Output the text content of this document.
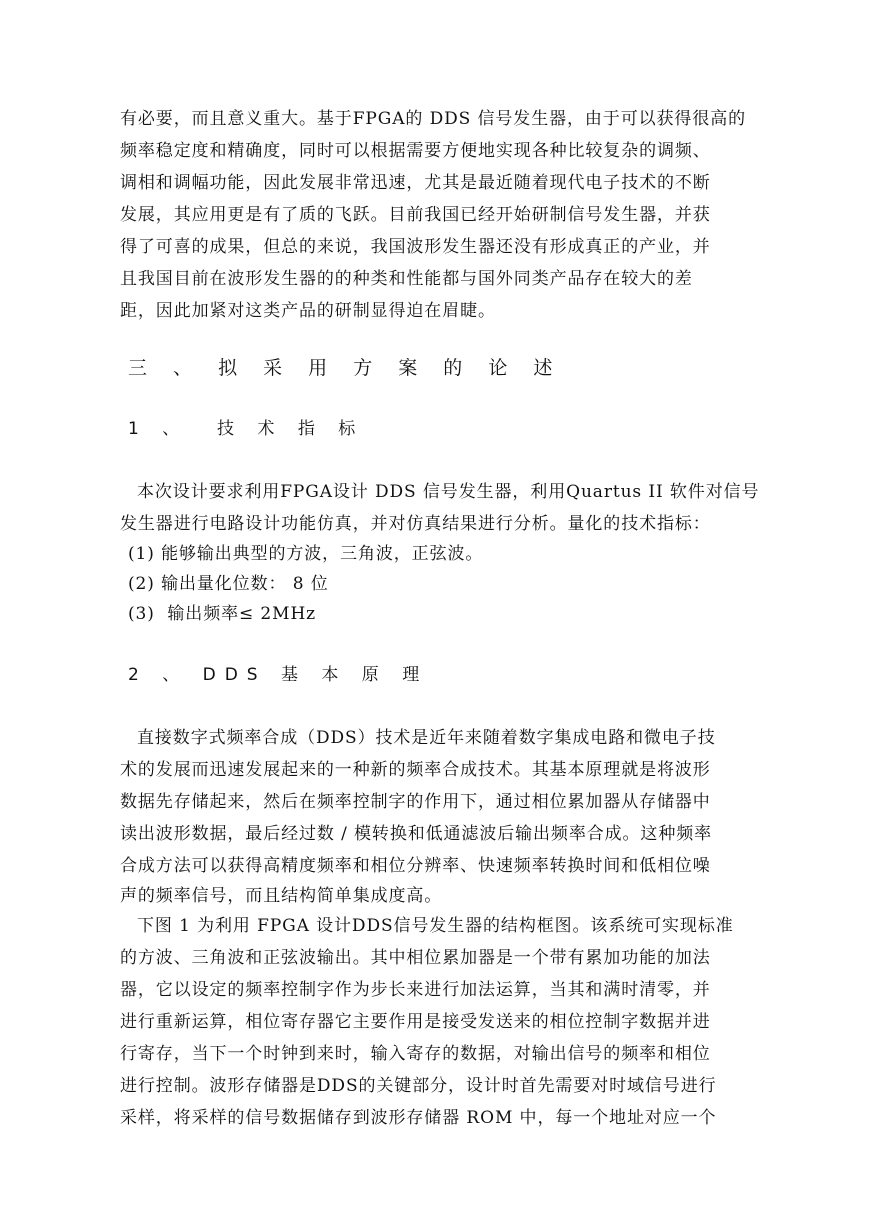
有必要，而且意义重大。基于FPGA的 DDS 信号发生器，由于可以获得很高的
频率稳定度和精确度，同时可以根据需要方便地实现各种比较复杂的调频、
调相和调幅功能，因此发展非常迅速，尤其是最近随着现代电子技术的不断
发展，其应用更是有了质的飞跃。目前我国已经开始研制信号发生器，并获
得了可喜的成果，但总的来说，我国波形发生器还没有形成真正的产业，并
且我国目前在波形发生器的的种类和性能都与国外同类产品存在较大的差
距，因此加紧对这类产品的研制显得迫在眉睫。
三 、 拟 采 用 方 案 的 论 述
1 、  技 术 指 标
本次设计要求利用FPGA设计 DDS 信号发生器，利用Quartus II 软件对信号
发生器进行电路设计功能仿真，并对仿真结果进行分析。量化的技术指标：
(1) 能够输出典型的方波，三角波，正弦波。
(2) 输出量化位数： 8 位
(3)  输出频率≤ 2MHz
2 、 DDS 基 本 原 理
直接数字式频率合成（DDS）技术是近年来随着数字集成电路和微电子技
术的发展而迅速发展起来的一种新的频率合成技术。其基本原理就是将波形
数据先存储起来，然后在频率控制字的作用下，通过相位累加器从存储器中
读出波形数据，最后经过数 / 模转换和低通滤波后输出频率合成。这种频率
合成方法可以获得高精度频率和相位分辨率、快速频率转换时间和低相位噪
声的频率信号，而且结构简单集成度高。
下图 1 为利用 FPGA 设计DDS信号发生器的结构框图。该系统可实现标准
的方波、三角波和正弦波输出。其中相位累加器是一个带有累加功能的加法
器，它以设定的频率控制字作为步长来进行加法运算，当其和满时清零，并
进行重新运算，相位寄存器它主要作用是接受发送来的相位控制字数据并进
行寄存，当下一个时钟到来时，输入寄存的数据，对输出信号的频率和相位
进行控制。波形存储器是DDS的关键部分，设计时首先需要对时域信号进行
采样，将采样的信号数据储存到波形存储器 ROM 中，每一个地址对应一个
